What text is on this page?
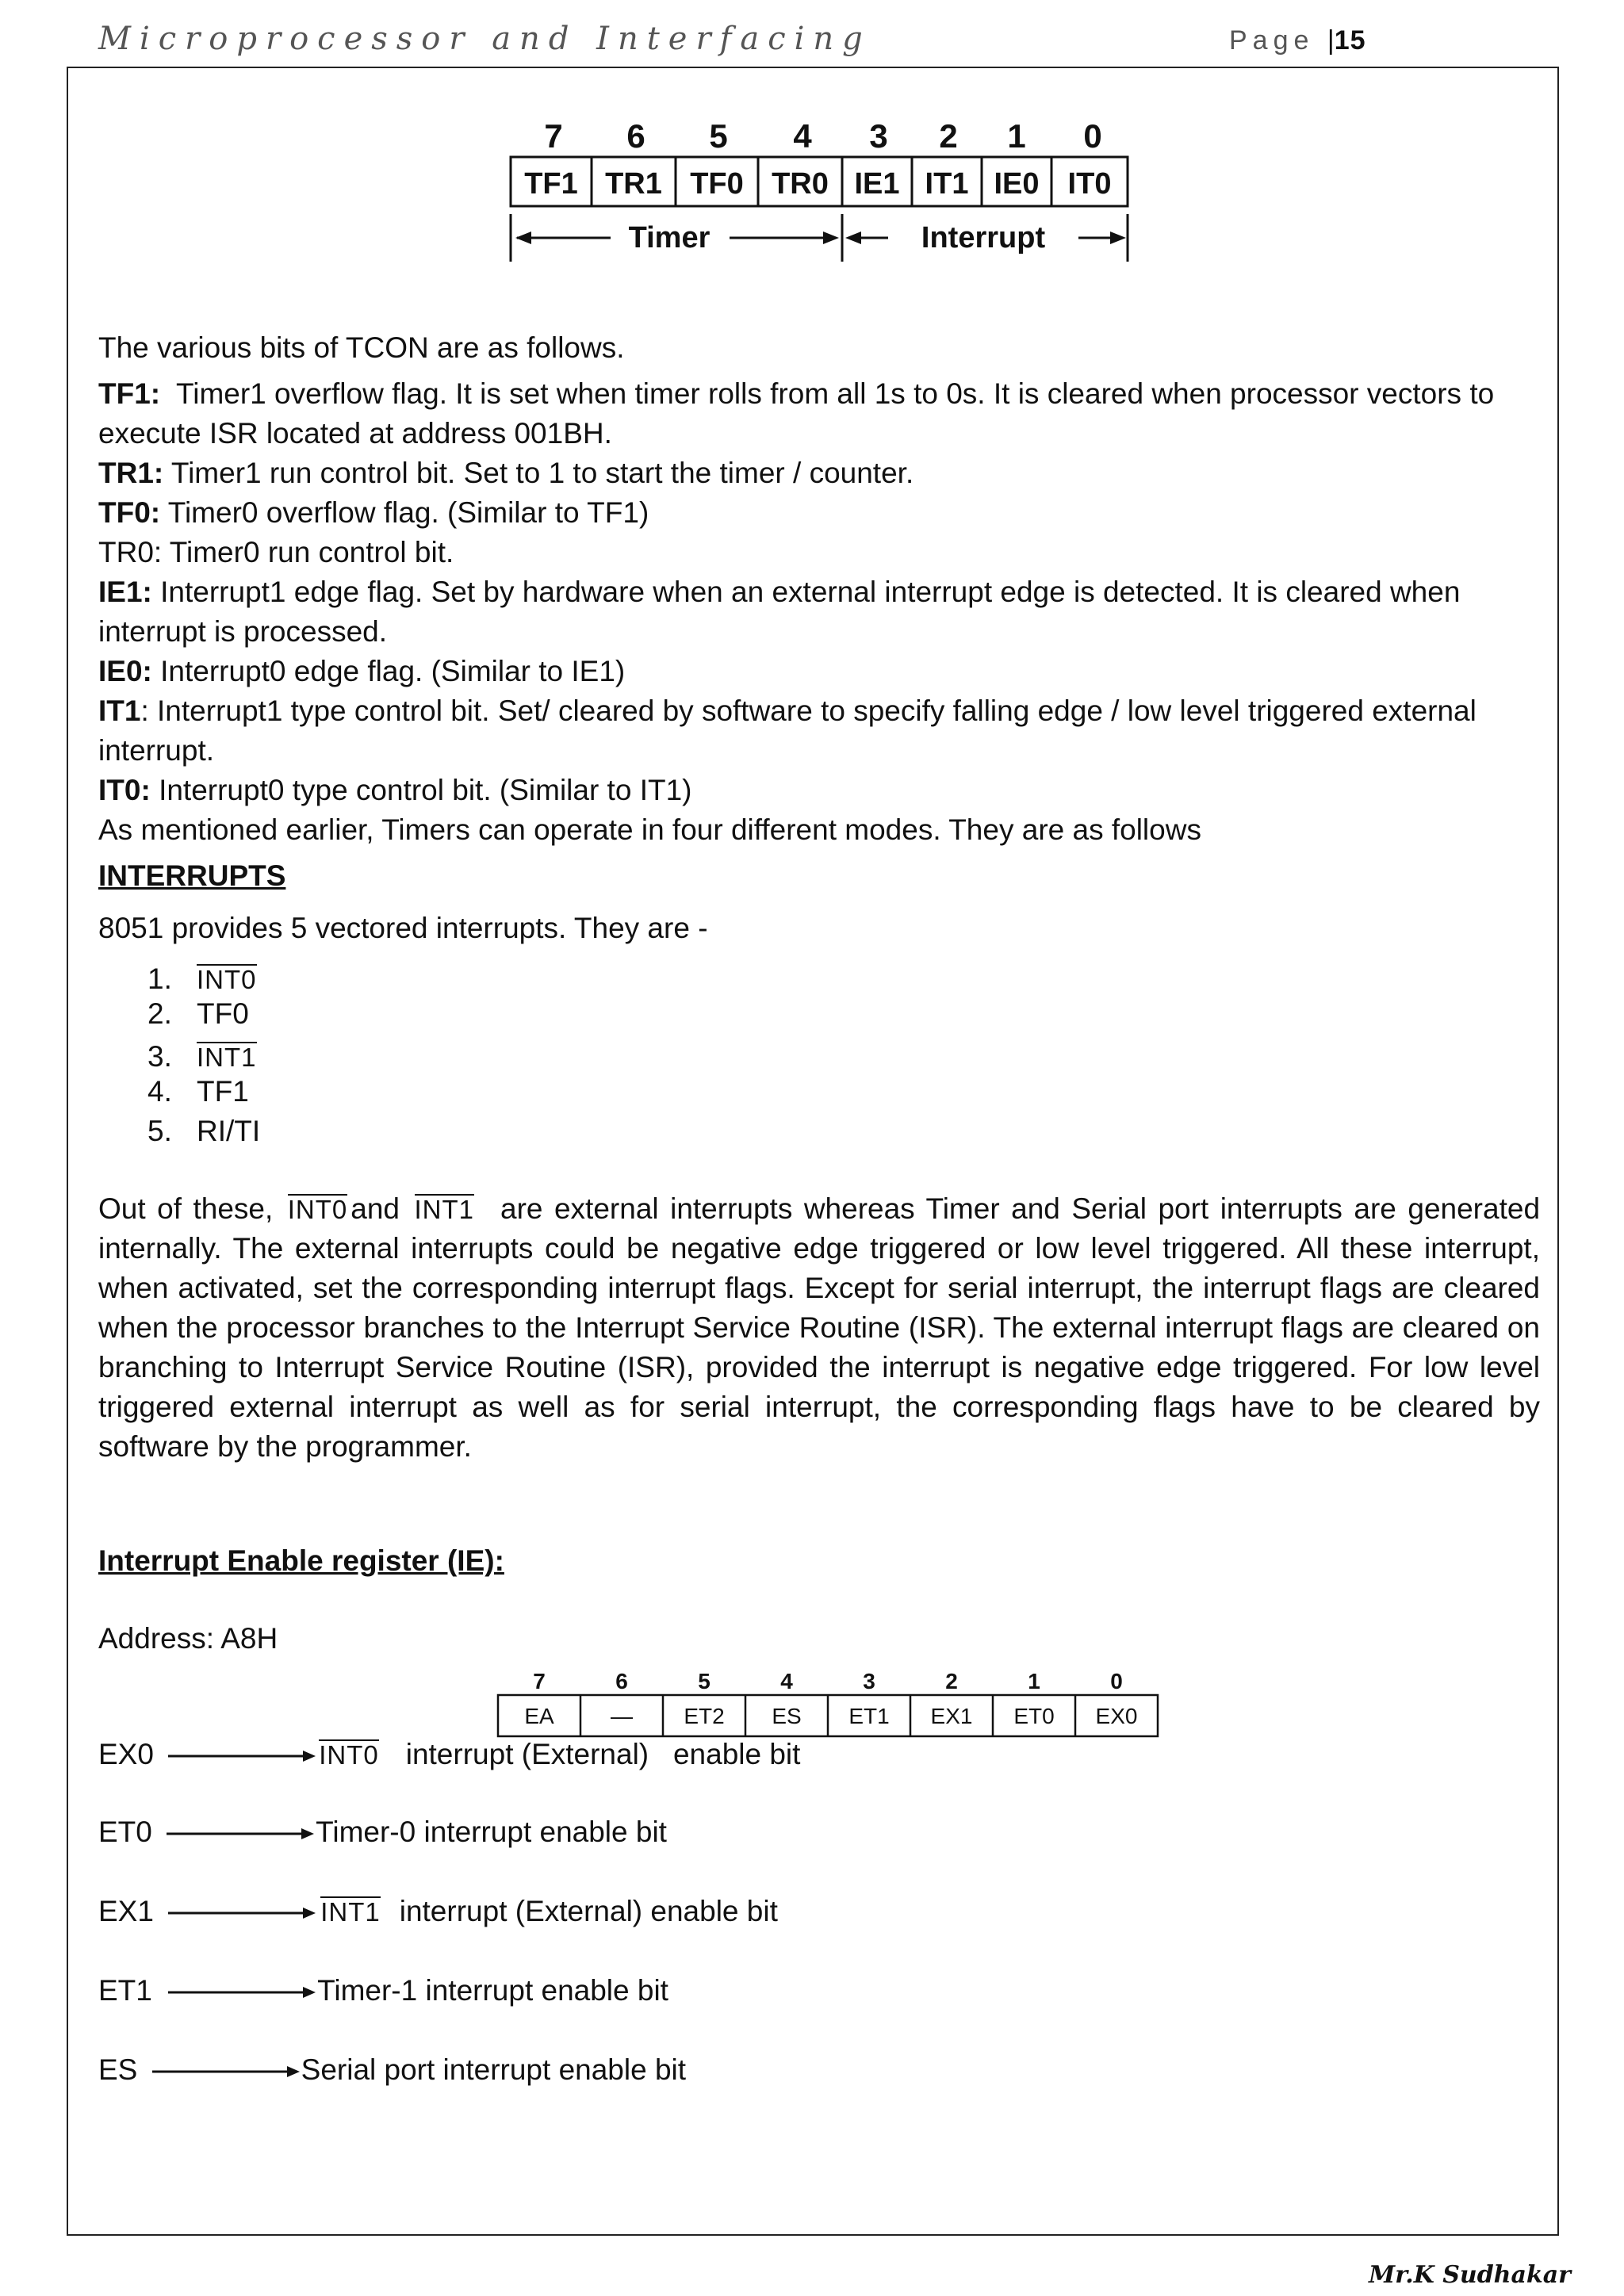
Microprocessor and Interfacing	Page |15
7 6 5 4 3 2 1 0
TF1 TR1 TF0 TR0 IE1 IT1 IE0 IT0
Timer	Interrupt
The various bits of TCON are as follows.
TF1: Timer1 overflow flag. It is set when timer rolls from all 1s to 0s. It is cleared when processor vectors to execute ISR located at address 001BH.
TR1: Timer1 run control bit. Set to 1 to start the timer / counter.
TF0: Timer0 overflow flag. (Similar to TF1)
TR0: Timer0 run control bit.
IE1: Interrupt1 edge flag. Set by hardware when an external interrupt edge is detected. It is cleared when interrupt is processed.
IE0: Interrupt0 edge flag. (Similar to IE1)
IT1: Interrupt1 type control bit. Set/ cleared by software to specify falling edge / low level triggered external interrupt.
IT0: Interrupt0 type control bit. (Similar to IT1)
As mentioned earlier, Timers can operate in four different modes. They are as follows
INTERRUPTS
8051 provides 5 vectored interrupts. They are -
1. INT0
2. TF0
3. INT1
4. TF1
5. RI/TI
Out of these, INT0 and INT1 are external interrupts whereas Timer and Serial port interrupts are generated internally. The external interrupts could be negative edge triggered or low level triggered. All these interrupt, when activated, set the corresponding interrupt flags. Except for serial interrupt, the interrupt flags are cleared when the processor branches to the Interrupt Service Routine (ISR). The external interrupt flags are cleared on branching to Interrupt Service Routine (ISR), provided the interrupt is negative edge triggered. For low level triggered external interrupt as well as for serial interrupt, the corresponding flags have to be cleared by software by the programmer.
Interrupt Enable register (IE):
Address: A8H
EX0	INT0 interrupt (External)   enable bit
ET0	Timer-0 interrupt enable bit
EX1	INT1 interrupt (External) enable bit
ET1	Timer-1 interrupt enable bit
ES	Serial port interrupt enable bit
7	6	5	4	3	2	1	0
EA	— ET2 ES ET1 EX1 ET0 EX0
Mr.K Sudhakar
